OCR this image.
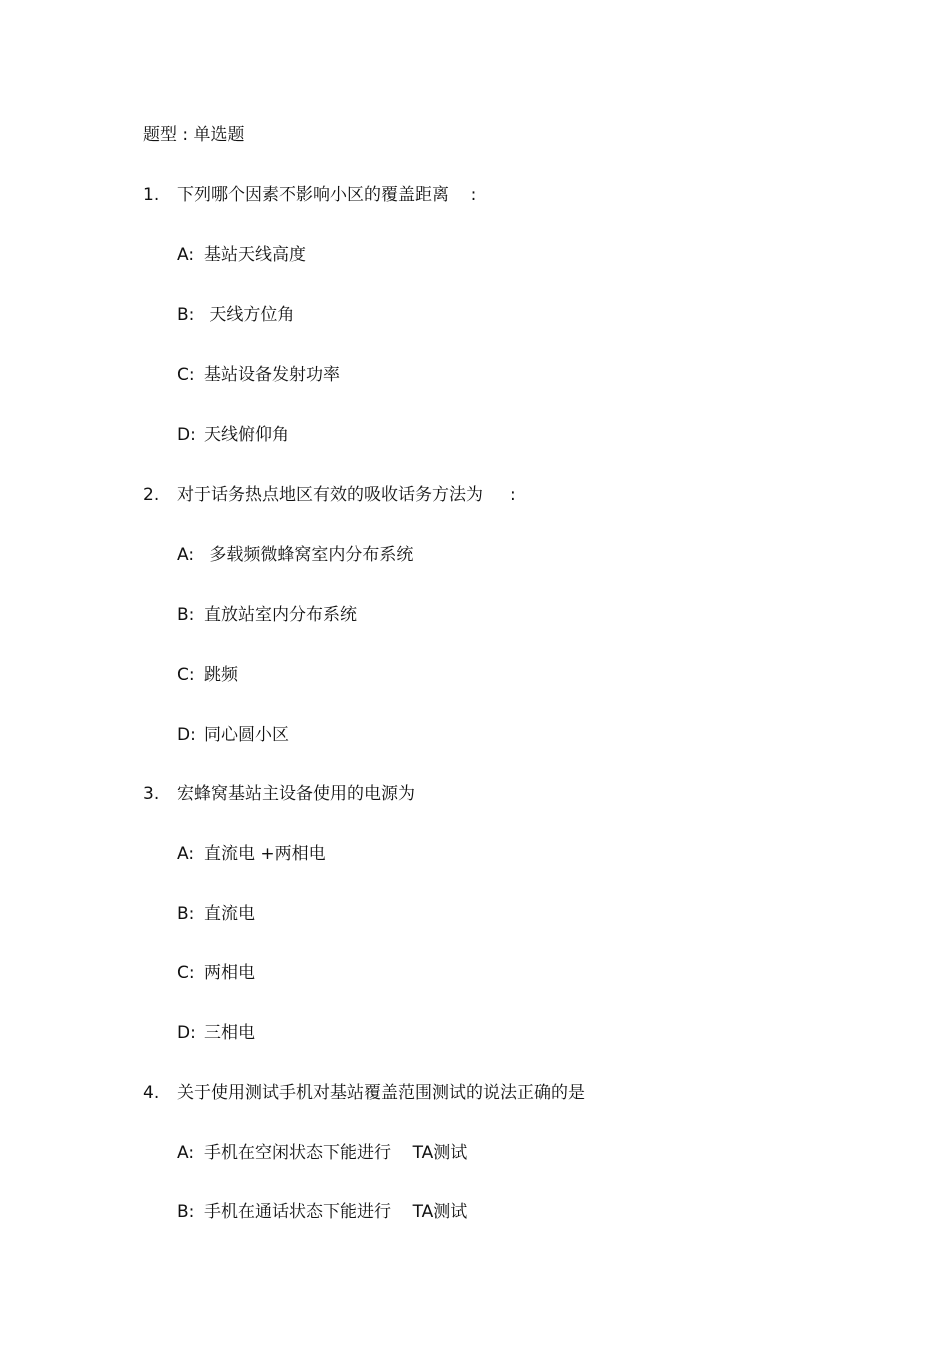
题型 : 单选题
1. 下列哪个因素不影响小区的覆盖距离    :
A: 基站天线高度
B: 天线方位角
C: 基站设备发射功率
D: 天线俯仰角
2. 对于话务热点地区有效的吸收话务方法为     :
A: 多载频微蜂窝室内分布系统
B: 直放站室内分布系统
C: 跳频
D: 同心圆小区
3. 宏蜂窝基站主设备使用的电源为
A: 直流电 +两相电
B: 直流电
C: 两相电
D: 三相电
4. 关于使用测试手机对基站覆盖范围测试的说法正确的是
A: 手机在空闲状态下能进行    TA测试
B: 手机在通话状态下能进行    TA测试
